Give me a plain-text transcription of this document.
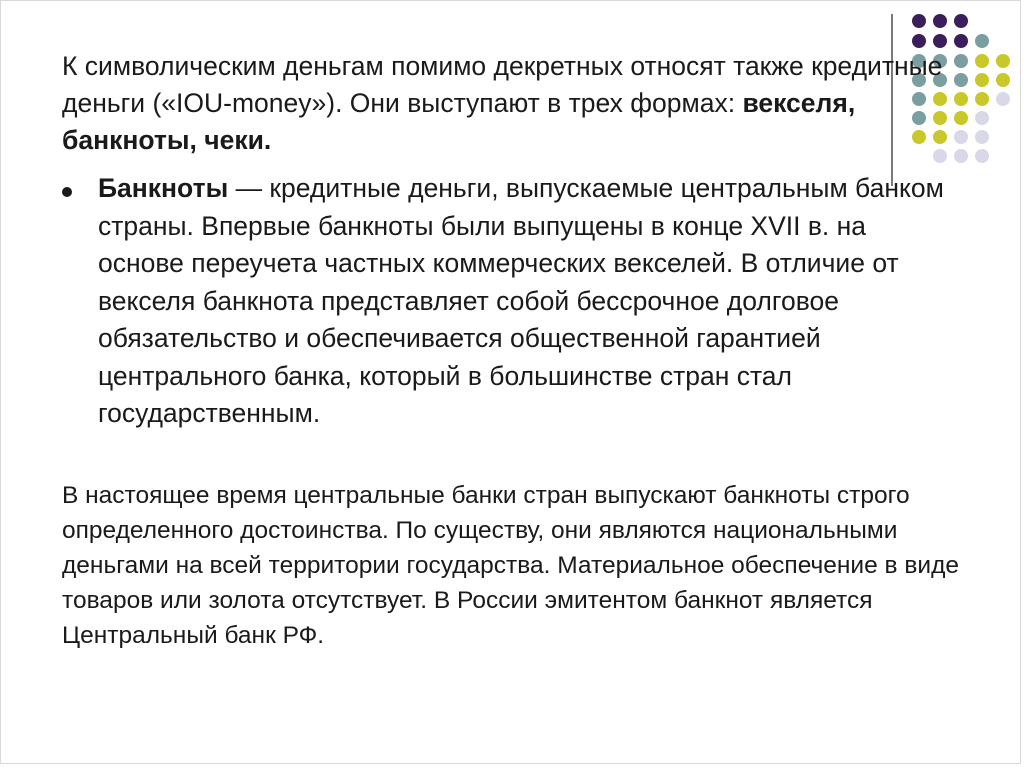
К символическим деньгам помимо декретных относят также кредитные деньги («IOU-money»). Они выступают в трех формах: векселя, банкноты, чеки.
Банкноты — кредитные деньги, выпускаемые центральным банком страны. Впервые банкноты были выпущены в конце XVII в. на основе переучета частных коммерческих векселей. В отличие от векселя банкнота представляет собой бессрочное долговое обязательство и обеспечивается общественной гарантией центрального банка, который в большинстве стран стал государственным.
В настоящее время центральные банки стран выпускают банкноты строго определенного достоинства. По существу, они являются национальными деньгами на всей территории государства. Материальное обеспечение в виде товаров или золота отсутствует. В России эмитентом банкнот является Центральный банк РФ.
